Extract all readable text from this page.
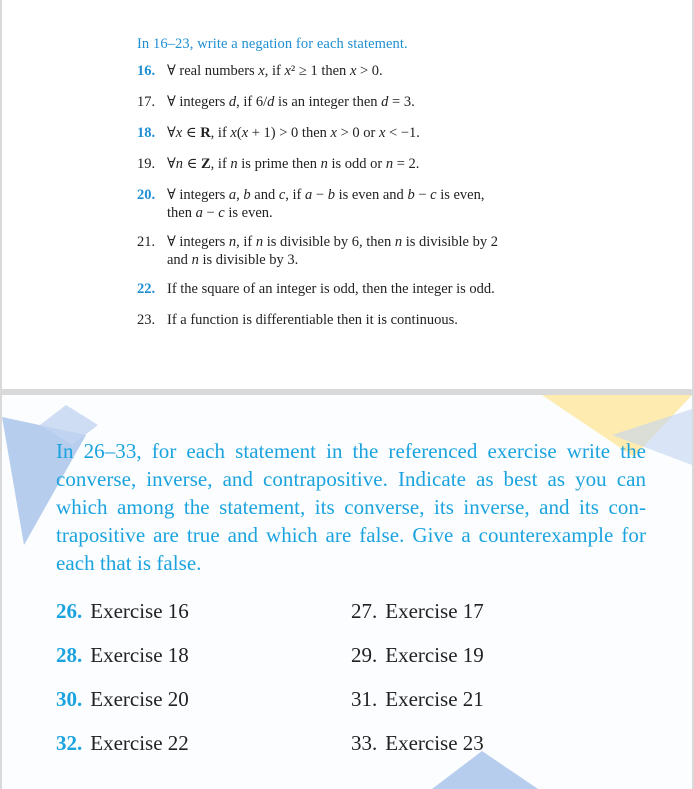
In 16–23, write a negation for each statement.
16. ∀ real numbers x, if x² ≥ 1 then x > 0.
17. ∀ integers d, if 6/d is an integer then d = 3.
18. ∀x ∈ R, if x(x + 1) > 0 then x > 0 or x < −1.
19. ∀n ∈ Z, if n is prime then n is odd or n = 2.
20. ∀ integers a, b and c, if a − b is even and b − c is even,
then a − c is even.
21. ∀ integers n, if n is divisible by 6, then n is divisible by 2
and n is divisible by 3.
22. If the square of an integer is odd, then the integer is odd.
23. If a function is differentiable then it is continuous.
In 26–33, for each statement in the referenced exercise write the converse, inverse, and contrapositive. Indicate as best as you can which among the statement, its converse, its inverse, and its con-trapositive are true and which are false. Give a counterexample for each that is false.
26. Exercise 16	27. Exercise 17
28. Exercise 18	29. Exercise 19
30. Exercise 20	31. Exercise 21
32. Exercise 22	33. Exercise 23
